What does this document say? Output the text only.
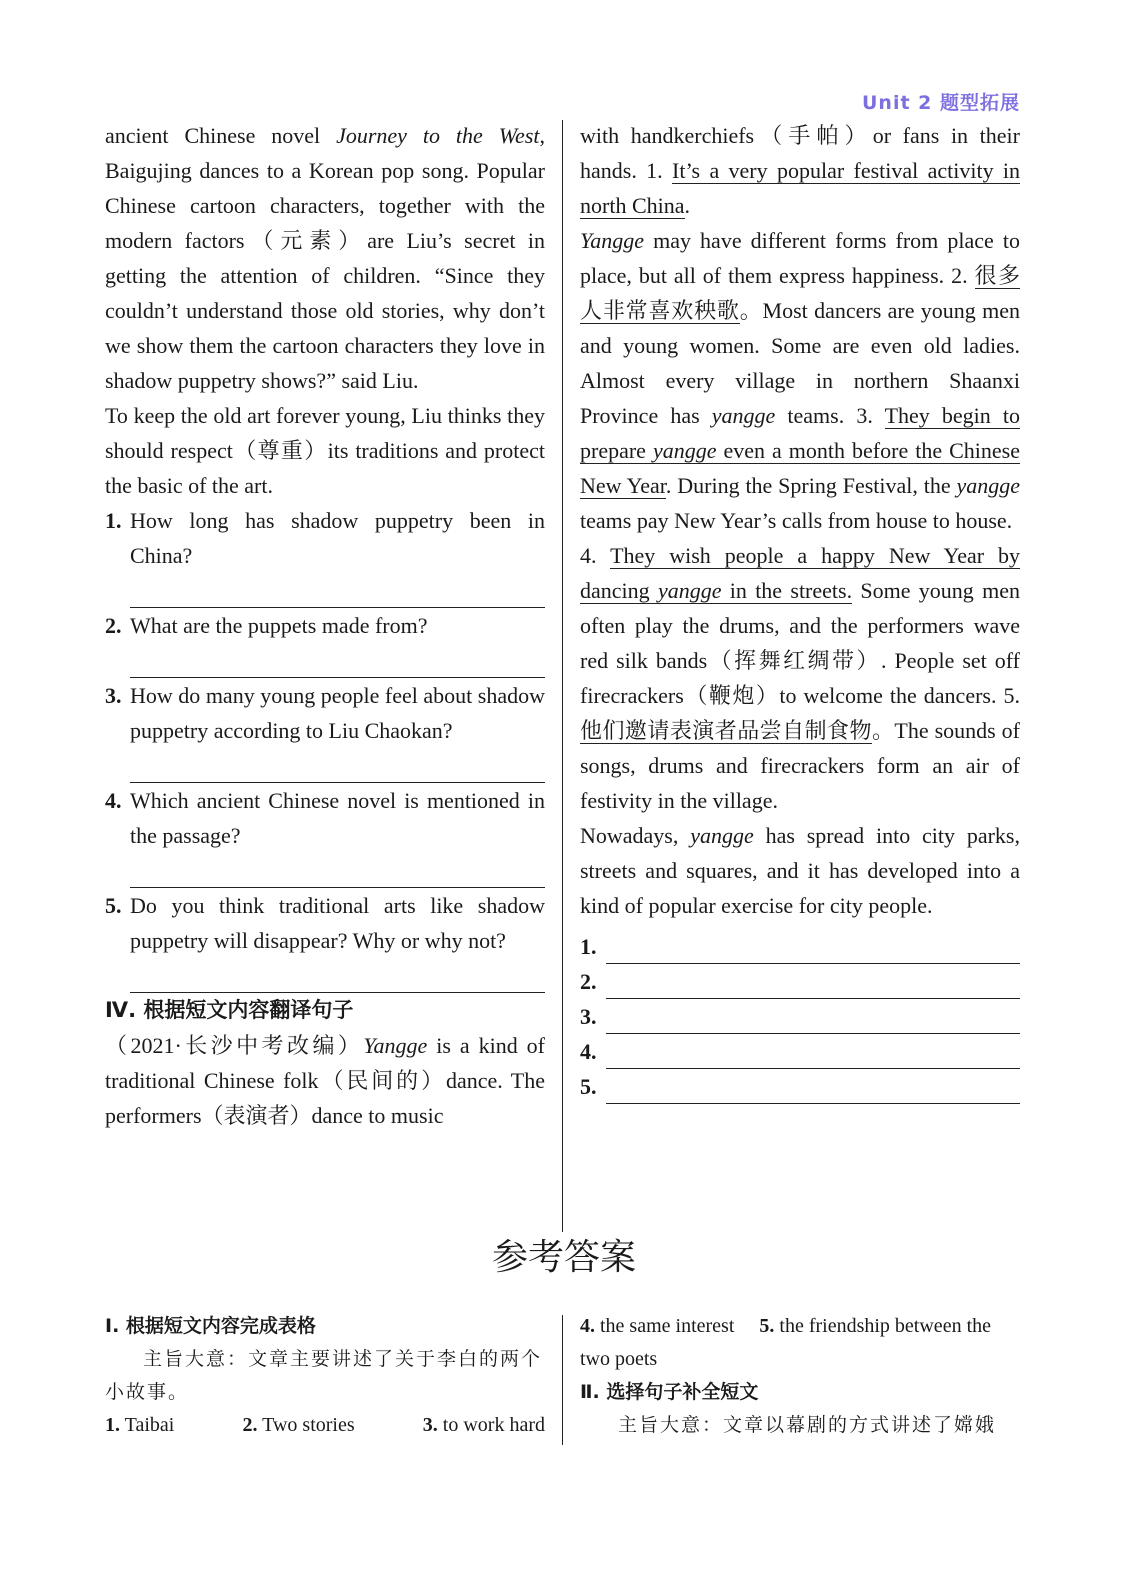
Unit 2 题型拓展

ancient Chinese novel Journey to the West, Baigujing dances to a Korean pop song. Popular Chinese cartoon characters, together with the modern factors（元素）are Liu’s secret in getting the attention of children. “Since they couldn’t understand those old stories, why don’t we show them the cartoon characters they love in shadow puppetry shows?” said Liu.

To keep the old art forever young, Liu thinks they should respect（尊重）its traditions and protect the basic of the art.

1. How long has shadow puppetry been in China?
2. What are the puppets made from?
3. How do many young people feel about shadow puppetry according to Liu Chaokan?
4. Which ancient Chinese novel is mentioned in the passage?
5. Do you think traditional arts like shadow puppetry will disappear? Why or why not?

Ⅳ. 根据短文内容翻译句子

（2021·长沙中考改编）Yangge is a kind of traditional Chinese folk（民间的）dance. The performers（表演者）dance to music

with handkerchiefs（手帕）or fans in their hands. 1. It’s a very popular festival activity in north China.

Yangge may have different forms from place to place, but all of them express happiness. 2. 很多人非常喜欢秧歌。Most dancers are young men and young women. Some are even old ladies. Almost every village in northern Shaanxi Province has yangge teams. 3. They begin to prepare yangge even a month before the Chinese New Year. During the Spring Festival, the yangge teams pay New Year’s calls from house to house.

4. They wish people a happy New Year by dancing yangge in the streets. Some young men often play the drums, and the performers wave red silk bands（挥舞红绸带）. People set off firecrackers（鞭炮）to welcome the dancers. 5. 他们邀请表演者品尝自制食物。The sounds of songs, drums and firecrackers form an air of festivity in the village.

Nowadays, yangge has spread into city parks, streets and squares, and it has developed into a kind of popular exercise for city people.

1.
2.
3.
4.
5.
参考答案
Ⅰ. 根据短文内容完成表格
主旨大意：文章主要讲述了关于李白的两个小故事。
1. Taibai	2. Two stories	3. to work hard
4. the same interest 5. the friendship between the two poets
Ⅱ. 选择句子补全短文
主旨大意：文章以幕剧的方式讲述了嫦娥
